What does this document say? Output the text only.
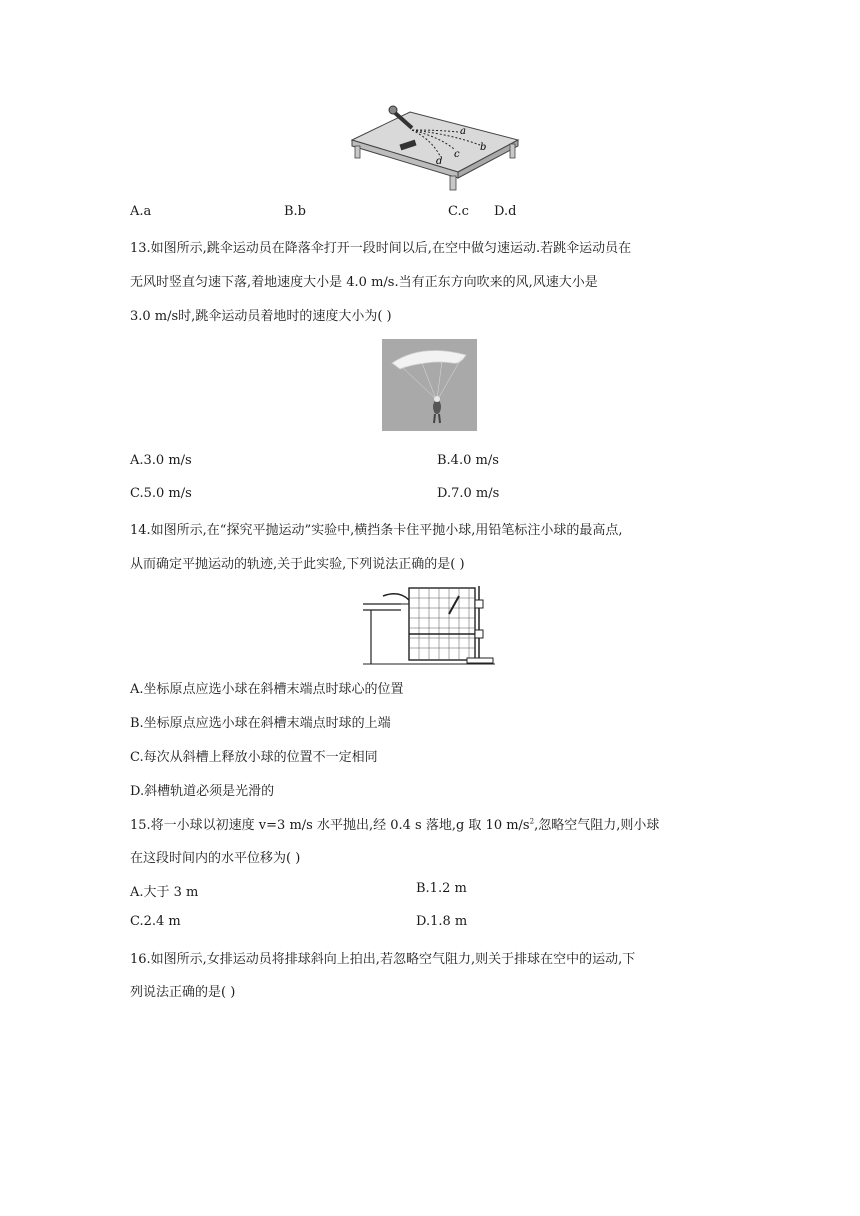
a
b
c
d
A.a	B.b	C.c D.d
13.如图所示,跳伞运动员在降落伞打开一段时间以后,在空中做匀速运动.若跳伞运动员在
无风时竖直匀速下落,着地速度大小是 4.0 m/s.当有正东方向吹来的风,风速大小是
3.0 m/s时,跳伞运动员着地时的速度大小为( )
A.3.0 m/s	B.4.0 m/s
C.5.0 m/s	D.7.0 m/s
14.如图所示,在“探究平抛运动”实验中,横挡条卡住平抛小球,用铅笔标注小球的最高点,
从而确定平抛运动的轨迹,关于此实验,下列说法正确的是( )
A.坐标原点应选小球在斜槽末端点时球心的位置
B.坐标原点应选小球在斜槽末端点时球的上端
C.每次从斜槽上释放小球的位置不一定相同
D.斜槽轨道必须是光滑的
15.将一小球以初速度 v=3 m/s 水平抛出,经 0.4 s 落地,g 取 10 $m/s^2$,忽略空气阻力,则小球
在这段时间内的水平位移为( )
A.大于 3 m	B.1.2 m
C.2.4 m	D.1.8 m
16.如图所示,女排运动员将排球斜向上拍出,若忽略空气阻力,则关于排球在空中的运动,下
列说法正确的是( )
